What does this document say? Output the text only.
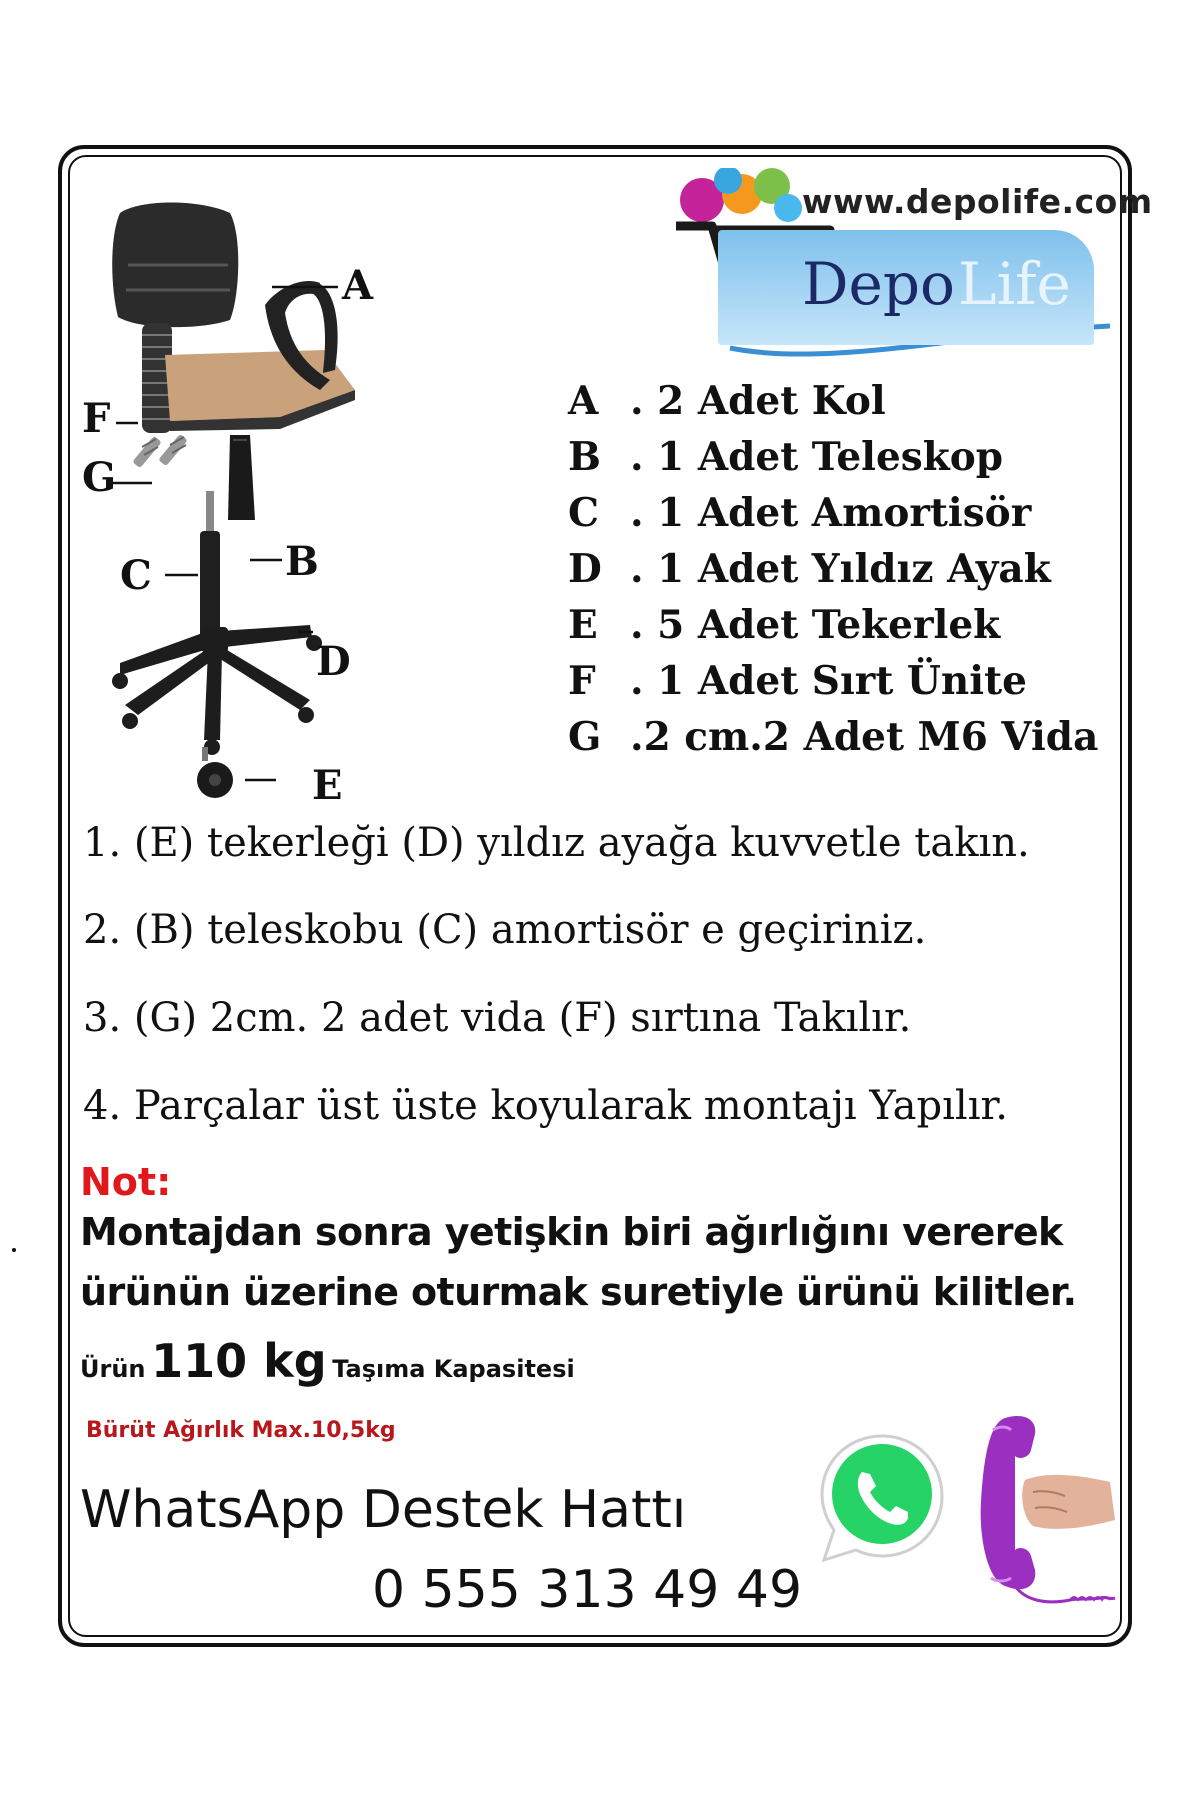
A
F
G
B
C
D
E
www.depolife.com
Depo Life
A . 2 Adet Kol
B . 1 Adet Teleskop
C . 1 Adet Amortisör
D . 1 Adet Yıldız Ayak
E . 5 Adet Tekerlek
F . 1 Adet Sırt Ünite
G .2 cm.2 Adet M6 Vida
1. (E) tekerleği (D) yıldız ayağa kuvvetle takın.
2. (B) teleskobu (C) amortisör e geçiriniz.
3. (G) 2cm. 2 adet vida (F) sırtına Takılır.
4. Parçalar üst üste koyularak montajı Yapılır.
Not:
Montajdan sonra yetişkin biri ağırlığını vererek
ürünün üzerine oturmak suretiyle ürünü kilitler.
Ürün 110 kg Taşıma Kapasitesi
Bürüt Ağırlık Max.10,5kg
WhatsApp Destek Hattı
0 555 313 49 49
